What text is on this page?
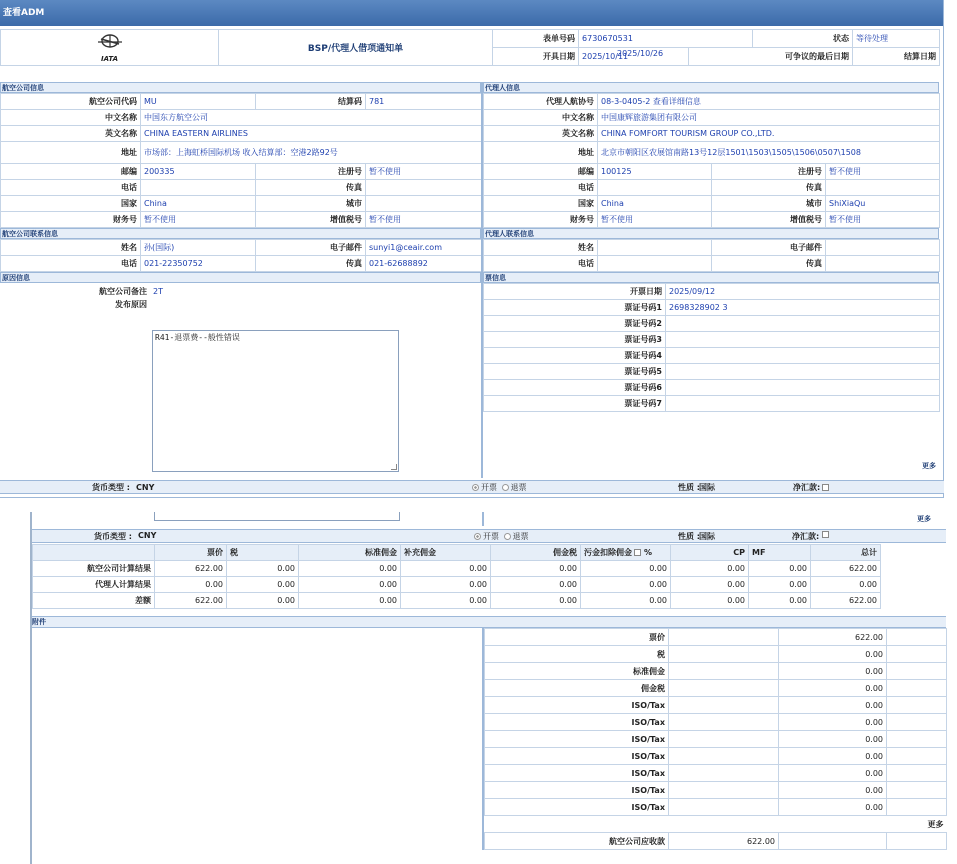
查看ADM
IATA	BSP/代理人借项通知单	表单号码	6730670531		状态	等待处理	
		开具日期	2025/10/11	可争议的最后日期		结算日期	
2025/10/26
航空公司信息
航空公司代码	MU	结算码	781
中文名称	中国东方航空公司		
英文名称	CHINA EASTERN AIRLINES		
地址	市场部：上海虹桥国际机场 收入结算部：空港2路92号		
邮编	200335	注册号	暂不使用
电话		传真	
国家	China	城市	
财务号	暂不使用	增值税号	暂不使用
航空公司联系信息
姓名	孙(国际)	电子邮件	sunyi1@ceair.com
电话	021-22350752	传真	021-62688892
原因信息
航空公司备注	2T
发布原因	
代理人信息
代理人航协号	08-3-0405-2 查看详细信息		
中文名称	中国康辉旅游集团有限公司		
英文名称	CHINA FOMFORT TOURISM GROUP CO.,LTD.		
地址	北京市朝阳区农展馆南路13号12层1501\1503\1505\1506\0507\1508		
邮编	100125	注册号	暂不使用
电话		传真	
国家	China	城市	ShiXiaQu
财务号	暂不使用	增值税号	暂不使用
代理人联系信息
姓名		电子邮件	
电话		传真	
票信息
开票日期	2025/09/12
票证号码1	2698328902 3
票证号码2	
票证号码3	
票证号码4	
票证号码5	
票证号码6	
票证号码7	
R41-退票费--般性错误
更多
货币类型 : CNY	开票 退票	性质 : 国际	净汇款:
更多
货币类型 : CNY	开票 退票	性质 : 国际	净汇款:
	票价	税	标准佣金	补充佣金	佣金税	污金扣除佣金 %	CP	MF	总计
航空公司计算结果	622.00	0.00	0.00	0.00	0.00	0.00	0.00	0.00	622.00
代理人计算结果	0.00	0.00	0.00	0.00	0.00	0.00	0.00	0.00	0.00
差额	622.00	0.00	0.00	0.00	0.00	0.00	0.00	0.00	622.00
附件
票价		622.00	
税		0.00	
标准佣金		0.00	
佣金税		0.00	
ISO/Tax		0.00	
ISO/Tax		0.00	
ISO/Tax		0.00	
ISO/Tax		0.00	
ISO/Tax		0.00	
ISO/Tax		0.00	
ISO/Tax		0.00	
更多			
航空公司应收款	622.00		
